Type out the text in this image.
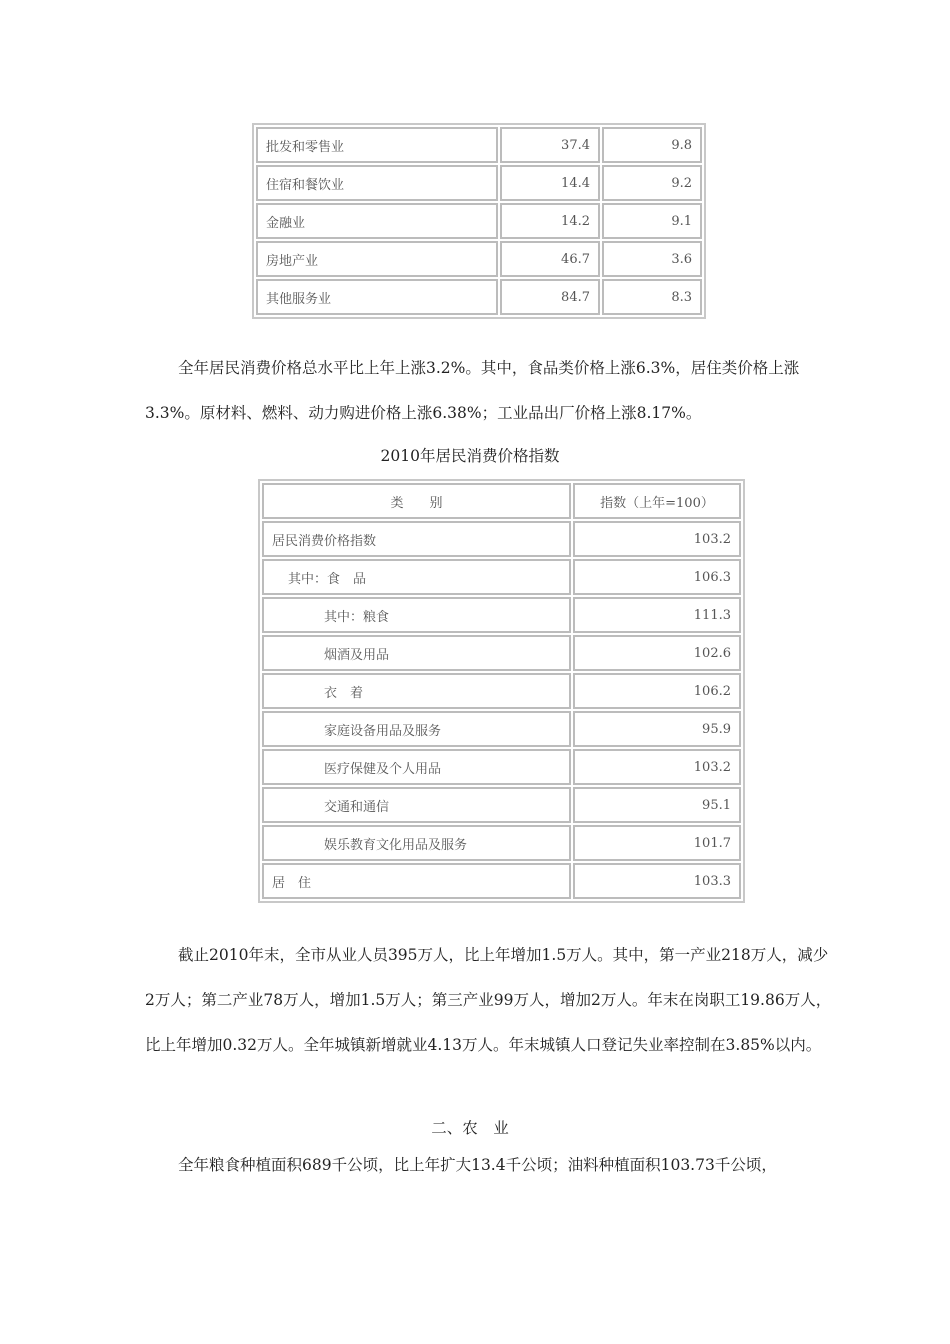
批发和零售业	37.4	9.8
住宿和餐饮业	14.4	9.2
金融业	14.2	9.1
房地产业	46.7	3.6
其他服务业	84.7	8.3

全年居民消费价格总水平比上年上涨3.2%。其中，食品类价格上涨6.3%，居住类价格上涨3.3%。原材料、燃料、动力购进价格上涨6.38%；工业品出厂价格上涨8.17%。

2010年居民消费价格指数

类　　别	指数（上年=100）
居民消费价格指数	103.2
其中：食　品	106.3
其中：粮食	111.3
烟酒及用品	102.6
衣　着	106.2
家庭设备用品及服务	95.9
医疗保健及个人用品	103.2
交通和通信	95.1
娱乐教育文化用品及服务	101.7
居　住	103.3

截止2010年末，全市从业人员395万人，比上年增加1.5万人。其中，第一产业218万人，减少2万人；第二产业78万人，增加1.5万人；第三产业99万人，增加2万人。年末在岗职工19.86万人，比上年增加0.32万人。全年城镇新增就业4.13万人。年末城镇人口登记失业率控制在3.85%以内。

二、农　业

全年粮食种植面积689千公顷，比上年扩大13.4千公顷；油料种植面积103.73千公顷，
